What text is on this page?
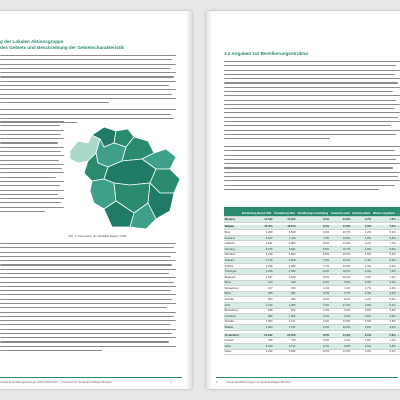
g der Lokalen Aktionsgruppe
des Gebiets und Beschreibung der Gebietscharakteristik
Abb. 1: Gemeinden der LEADER-Region VWB
Lokale Entwicklungsstrategie (LES) 2023-2027 – Förderverein Vorderland Walgau Bludenz	4
1.2 Angaben zur Bevölkerungsstruktur
	Bevölkerung absolut 2021	Bevölkerung 2031	Bevölkerungs-entwicklung	Ausländer-anteil	Geburten-bilanz	Wander-ungsbilanz	...
Bludenz	14.342	15.204	6,0%	24,5%	0,7%	7,3%	...

Walgau	40.454	43.676	8,0%	17,9%	1,6%	7,0%	...
Bürs	3.309	3.518	6,3%	16,7%	1,2%	5,1%	...
Frastanz	6.617	7.110	7,4%	13,9%	1,8%	5,6%	...
Ludesch	3.621	3.980	9,9%	14,0%	2,2%	7,7%	...
Nenzing	6.276	6.811	8,5%	19,7%	1,9%	6,6%	...
Nüziders	5.248	5.603	6,8%	18,4%	1,5%	5,3%	...
Satteins	2.716	2.929	7,8%	10,1%	1,4%	6,4%	...
Schlins	2.398	2.583	7,7%	13,3%	1,3%	6,4%	...
Thüringen	2.246	2.452	9,2%	18,0%	1,6%	7,6%	...
Bludesch	2.447	2.648	8,2%	20,4%	1,0%	7,2%	...
Düns	413	439	6,3%	5,8%	1,9%	4,4%	...
Dünserberg	147	153	4,1%	4,1%	0,7%	3,4%	...
Röns	358	381	6,4%	6,7%	1,4%	5,0%	...
Schnifis	853	906	6,2%	8,2%	1,2%	5,0%	...
GVS	1.210	1.305	7,9%	17,4%	1,8%	6,1%	...
Bürserberg	548	572	4,4%	9,3%	0,5%	3,9%	...
Innerbraz	982	1.022	4,1%	9,6%	0,6%	3,5%	...
Schnifis	1.064	1.131	6,3%	14,0%	1,5%	4,8%	...
Dalaas	1.523	1.571	3,2%	10,2%	0,2%	3,0%	...

Vorderland	21.812	23.550	8,0%	14,4%	2,1%	5,9%	...
Fraxern	708	749	5,8%	6,1%	1,8%	4,0%	...
Göfis	3.420	3.731	9,1%	8,8%	2,6%	6,5%	...
Klaus	3.340	3.606	8,0%	13,3%	2,0%	6,0%	...
5	Verein LEADER-Region Vorderland-Walgau-Bludenz
